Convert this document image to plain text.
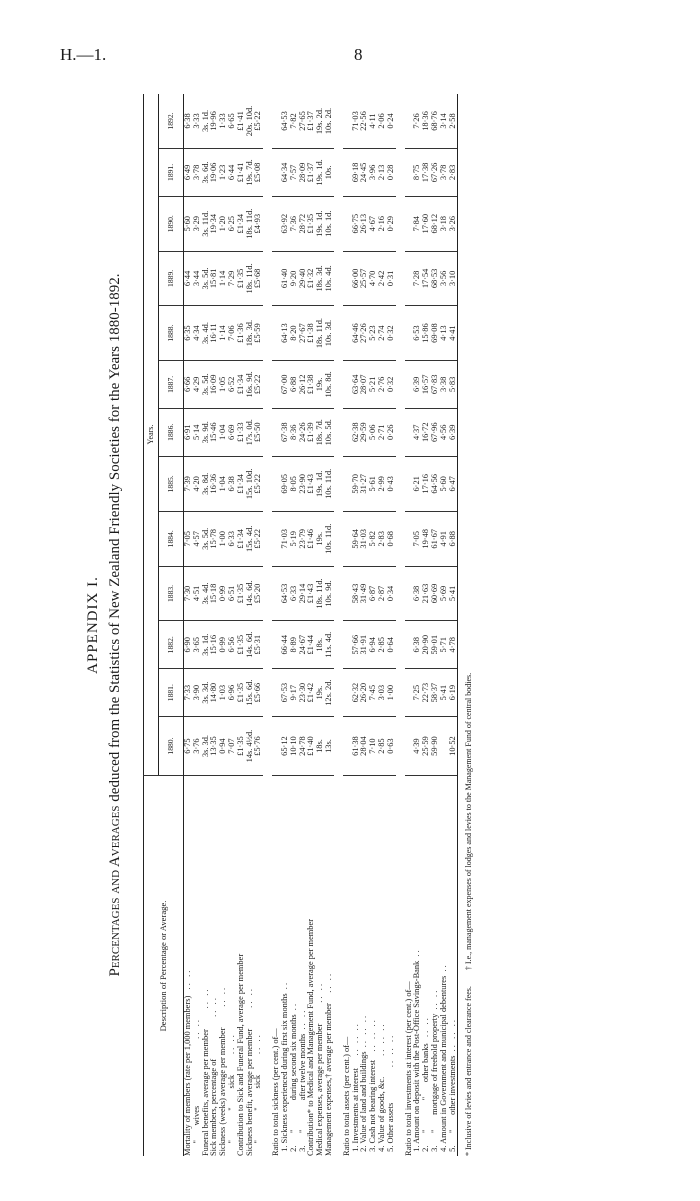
H.—1.	8
APPENDIX I.
Percentages and Averages deduced from the Statistics of New Zealand Friendly Societies for the Years 1880-1892.
Description of Percentage or Average.	Years.												
	1880.	1881.	1882.	1883.	1884.	1885.	1886.	1887.	1888.	1889.	1890.	1891.	1892.
Mortality of members (rate per 1,000 members)   . .   . .	6·75	7·33	6·90	7·30	7·05	7·39	6·91	6·66	6·35	6·44	5·60	6·49	6·38
"       wives                                . .   . .	3·76	3·90	3·65	4·51	4·57	4·20	5·14	4·29	4·34	3·44	3·29	3·78	3·33
Funeral benefits, average per member          . .   . .	3s. 3d.	3s. 3d.	3s. 1d.	3s. 4d.	3s. 5d.	3s. 8d.	3s. 9d.	3s. 5d.	3s. 4d.	3s. 5d.	3s. 11d.	3s. 6d.	3s. 1d.
Sick members, percentage of                    . .   . .	13·35	14·80	15·16	15·18	15·78	16·36	15·46	16·09	16·11	15·81	19·34	19·06	19·96
Sickness (weeks) average per member          . .   . .	0·94	1·03	0·99	0·99	1·00	1·04	1·04	1·05	1·14	1·14	1·20	1·23	1·33
"              "         sick          . .   . .	7·07	6·96	6·56	6·51	6·33	6·38	6·69	6·52	7·06	7·29	6·25	6·44	6·65
Contribution to Sick and Funeral Fund, average per member	£1·35	£1·35	£1·35	£1·35	£1·34	£1·34	£1·33	£1·34	£1·36	£1·35	£1·34	£1·41	£1·41
Sickness benefit, average per member          . .   . .	14s. 4½d.	15s. 6d.	14s. 6d.	14s. 6d.	15s. 4d.	15s. 10d.	17s. 0d.	16s. 9d.	18s. 3d.	18s. 11d.	18s. 11d.	19s. 7d.	20s. 10d.
"              "         sick          . .   . .	£5·76	£5·66	£5·31	£5·20	£5·22	£5·22	£5·50	£5·22	£5·59	£5·68	£4·93	£5·08	£5·22

Ratio to total sickness (per cent.) of—													
1. Sickness experienced during first six months  . .	65·12	67·53	66·44	64·53	71·03	69·05	67·38	67·00	64·13	61·40	63·92	64·34	64·53
2.      "              during second six months  . .	10·10	9·17	8·89	6·33	5·19	8·05	8·36	6·88	8·20	9·20	7·36	7·57	7·82
3.      "              after twelve months  . .   . .	24·78	23·30	24·67	29·14	23·79	23·90	24·26	26·12	27·67	29·40	28·72	28·09	27·65
Contribution* to Medical and Management Fund, average per member	£1·40	£1·42	£1·44	£1·43	£1·46	£1·43	£1·39	£1·38	£1·38	£1·32	£1·35	£1·37	£1·37
Medical expenses, average per member          . .   . .	18s.	19s.	18s.	18s. 11d.	19s.	19s. 1d.	18s. 7d.	19s.	18s. 11d.	18s. 3d.	19s. 1d.	19s. 1d.	19s. 2d.
Management expenses,† average per member     . .   . .	13s.	12s. 2d.	11s. 4d.	10s. 9d.	10s. 11d.	10s. 11d.	10s. 5d.	10s. 8d.	10s. 3d.	10s. 4d.	10s. 1d.	10s.	10s. 2d.

Ratio to total assets (per cent.) of—													
1. Investments at interest      . .   . .   . .	61·38	62·32	57·66	58·43	59·64	59·70	62·38	63·64	64·46	66·00	66·75	69·18	71·03
2. Value of land and buildings  . .   . .   . .	28·04	26·20	31·91	31·49	31·03	31·27	29·59	28·07	27·26	25·57	26·13	24·45	22·56
3. Cash not bearing interest    . .   . .   . .	7·10	7·45	6·94	6·87	5·82	5·61	5·06	5·21	5·23	4·70	4·67	3·96	4·11
4. Value of goods, &c.          . .   . .   . .	2·85	3·03	2·85	2·87	2·83	2·99	2·71	2·76	2·74	2·42	2·16	2·13	2·06
5. Other assets                 . .   . .   . .	0·63	1·00	0·64	0·34	0·68	0·43	0·26	0·32	0·32	0·31	0·29	0·28	0·24

Ratio to total investments at interest (per cent.) of—													
1. Amount on deposit with the Post-Office Savings-Bank  . .	4·39	7·25	6·38	6·38	7·05	6·21	4·37	6·39	6·53	7·28	7·84	8·75	7·26
2.      "              "       other banks   . .   . .	25·59	22·73	20·90	21·63	19·48	17·16	16·72	16·57	15·86	17·54	17·60	17·38	18·36
3.      "       mortgage of freehold property  . .   . .	59·90	58·37	59·01	60·69	61·67	64·56	67·96	67·83	69·08	68·53	68·12	67·26	68·76
4. Amount in Government and municipal debentures  . .		5·41	5·71	5·69	4·91	5·60	4·56	3·38	4·13	3·56	3·18	3·78	3·14
5.      "       other investments  . .   . .   . .	10·52	6·19	4·78	5·41	6·88	6·47	6·39	5·83	4·41	3·10	3·26	2·83	2·58
* Inclusive of levies and entrance and clearance fees.        † I.e., management expenses of lodges and levies to the Management Fund of central bodies.
